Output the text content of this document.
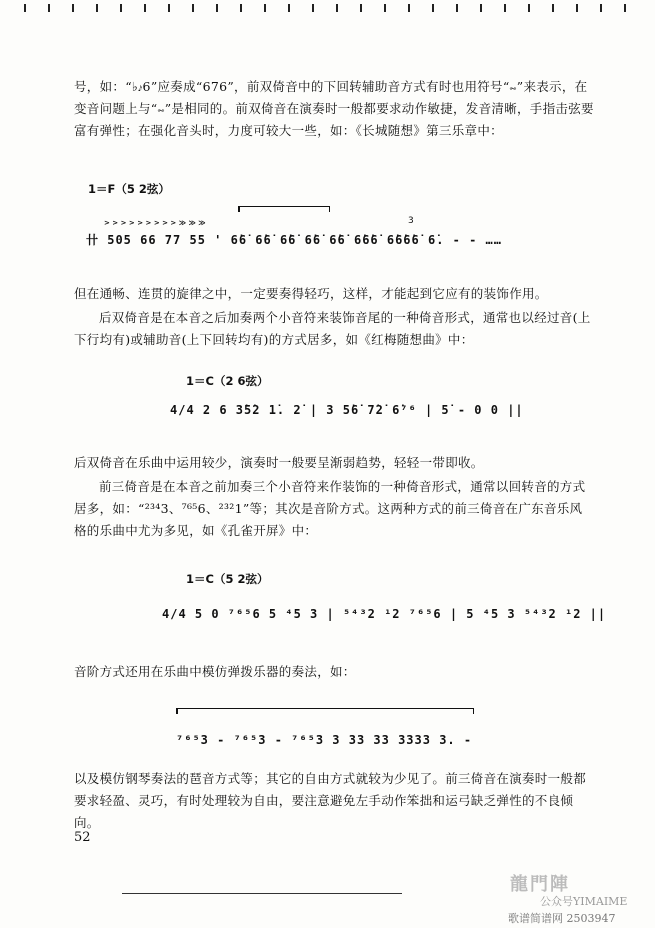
号，如：“♭𝆔6”应奏成“676”，前双倚音中的下回转辅助音方式有时也用符号“𝆗”来表示，在变音问题上与“𝆗”是相同的。前双倚音在演奏时一般都要求动作敏捷，发音清晰，手指击弦要富有弹性；在强化音头时，力度可较大一些，如：《长城随想》第三乐章中：

1＝F（5 2弦）
> > > > > > > > > ≫ ≫ ≫	3
卄 505 66 77 55 ' 6̇6̇ 6̇6̇ 6̇6̇ 6̇6̇ 6̇6̇ 6̇6̇6̇ 6̇6̇6̇6̇ 6̇. - - ……

但在通畅、连贯的旋律之中，一定要奏得轻巧，这样，才能起到它应有的装饰作用。

后双倚音是在本音之后加奏两个小音符来装饰音尾的一种倚音形式，通常也以经过音(上下行均有)或辅助音(上下回转均有)的方式居多，如《红梅随想曲》中：

1＝C（2 6弦）
4/4 2 6 3̇5̇2 1̇. 2̇ | 3 5̇6̇ 7̇2̇ 6̇⁷⁶ | 5̇ - 0 0 ||

后双倚音在乐曲中运用较少，演奏时一般要呈渐弱趋势，轻轻一带即收。

前三倚音是在本音之前加奏三个小音符来作装饰的一种倚音形式，通常以回转音的方式居多，如：“²³⁴3、⁷⁶⁵6、²³²1”等；其次是音阶方式。这两种方式的前三倚音在广东音乐风格的乐曲中尤为多见，如《孔雀开屏》中：

1＝C（5 2弦）
4/4 5 0 ⁷⁶⁵6 5 ⁴5 3 | ⁵⁴³2 ¹2 ⁷⁶⁵6 | 5 ⁴5 3 ⁵⁴³2 ¹2 ||

音阶方式还用在乐曲中模仿弹拨乐器的奏法，如：

⁷⁶⁵3 - ⁷⁶⁵3 - ⁷⁶⁵3 3 33 33 3333 3. -

以及模仿钢琴奏法的琶音方式等；其它的自由方式就较为少见了。前三倚音在演奏时一般都要求轻盈、灵巧，有时处理较为自由，要注意避免左手动作笨拙和运弓缺乏弹性的不良倾向。

52
龍門陣
公众号YIMAIME
歌谱简谱网 2503947
